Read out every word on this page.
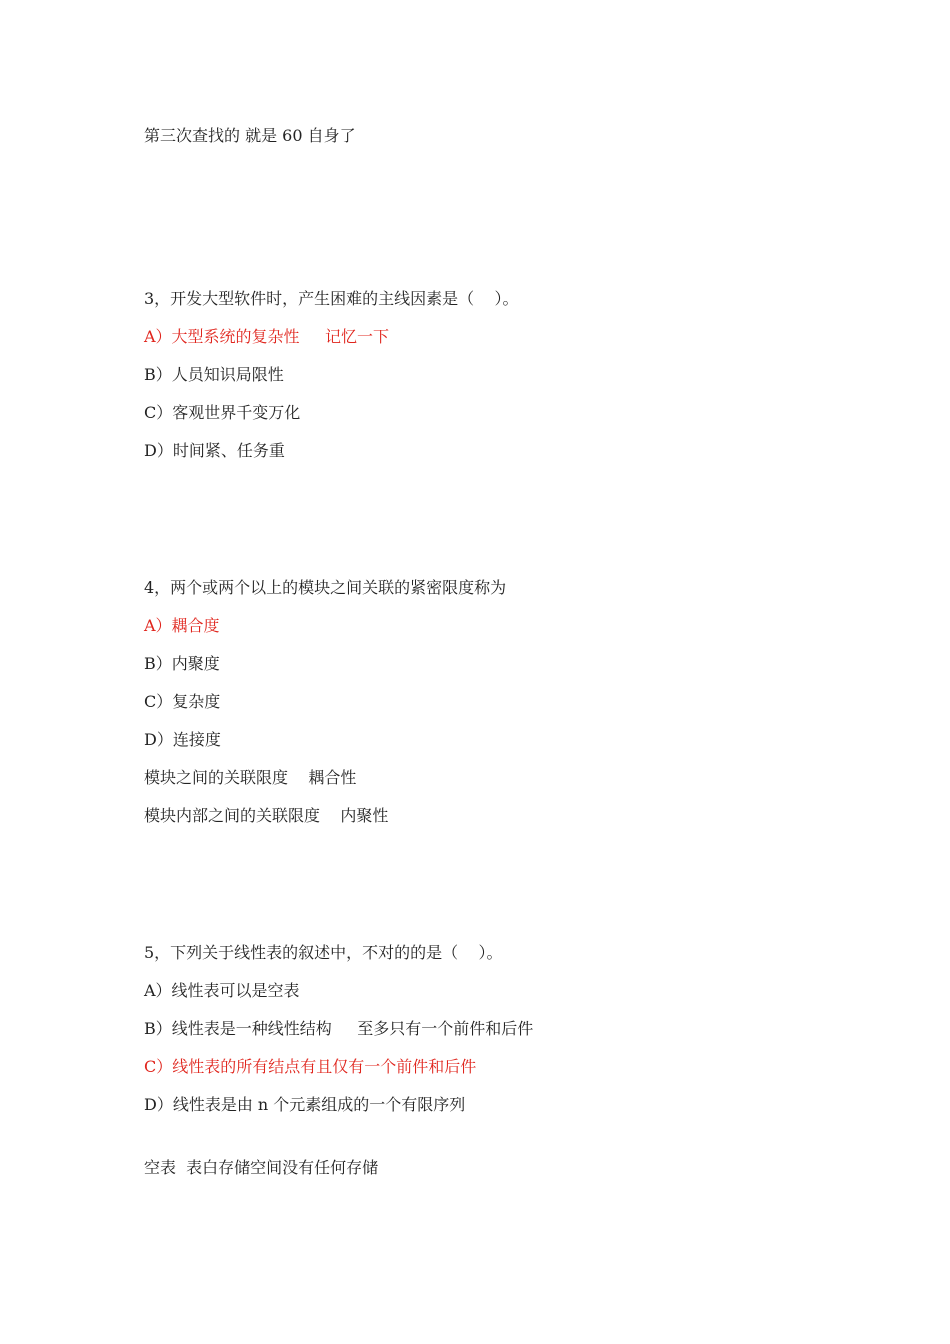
第三次查找的 就是 60 自身了

3，开发大型软件时，产生困难的主线因素是（    ）。

A）大型系统的复杂性     记忆一下

B）人员知识局限性

C）客观世界千变万化

D）时间紧、任务重

4，两个或两个以上的模块之间关联的紧密限度称为

A）耦合度

B）内聚度

C）复杂度

D）连接度

模块之间的关联限度    耦合性

模块内部之间的关联限度    内聚性

5，下列关于线性表的叙述中，不对的的是（    ）。

A）线性表可以是空表

B）线性表是一种线性结构     至多只有一个前件和后件

C）线性表的所有结点有且仅有一个前件和后件

D）线性表是由 n 个元素组成的一个有限序列

空表  表白存储空间没有任何存储
